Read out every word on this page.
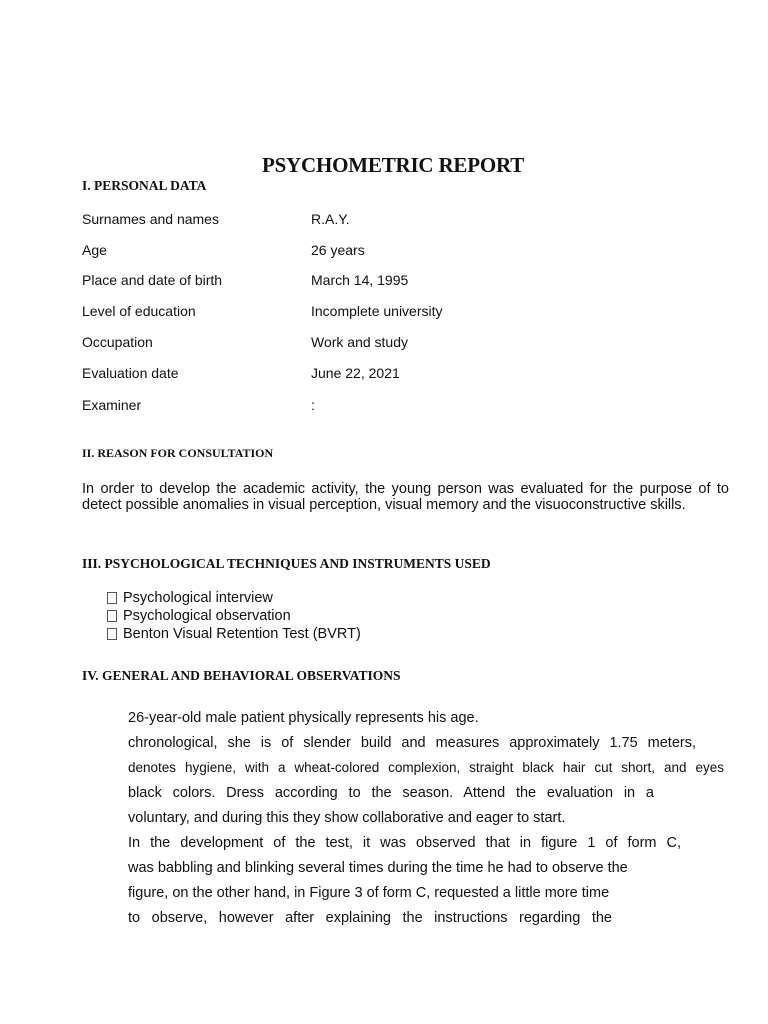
PSYCHOMETRIC REPORT
I. PERSONAL DATA
Surnames and names	R.A.Y.
Age	26 years
Place and date of birth	March 14, 1995
Level of education	Incomplete university
Occupation	Work and study
Evaluation date	June 22, 2021
Examiner	:
II. REASON FOR CONSULTATION
In order to develop the academic activity, the young person was evaluated for the purpose of to detect possible anomalies in visual perception, visual memory and the visuoconstructive skills.
III. PSYCHOLOGICAL TECHNIQUES AND INSTRUMENTS USED
Psychological interview
Psychological observation
Benton Visual Retention Test (BVRT)
IV. GENERAL AND BEHAVIORAL OBSERVATIONS
26-year-old male patient physically represents his age.
chronological, she is of slender build and measures approximately 1.75 meters,
denotes hygiene, with a wheat-colored complexion, straight black hair cut short, and eyes
black colors. Dress according to the season. Attend the evaluation in a
voluntary, and during this they show collaborative and eager to start.
In the development of the test, it was observed that in figure 1 of form C,
was babbling and blinking several times during the time he had to observe the
figure, on the other hand, in Figure 3 of form C, requested a little more time
to observe, however after explaining the instructions regarding the
